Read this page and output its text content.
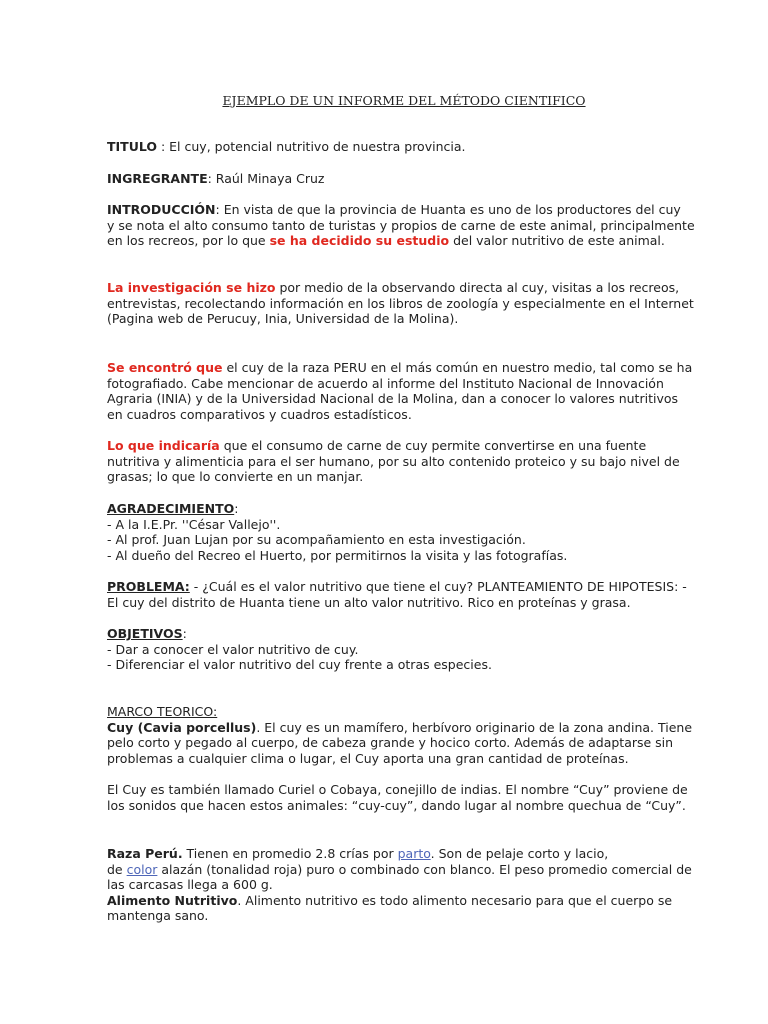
EJEMPLO DE UN INFORME DEL MÉTODO CIENTIFICO

TITULO : El cuy, potencial nutritivo de nuestra provincia.

INGREGRANTE: Raúl Minaya Cruz

INTRODUCCIÓN: En vista de que la provincia de Huanta es uno de los productores del cuy

y se nota el alto consumo tanto de turistas y propios de carne de este animal, principalmente

en los recreos, por lo que se ha decidido su estudio del valor nutritivo de este animal.

La investigación se hizo por medio de la observando directa al cuy, visitas a los recreos,

entrevistas, recolectando información en los libros de zoología y especialmente en el Internet

(Pagina web de Perucuy, Inia, Universidad de la Molina).

Se encontró que el cuy de la raza PERU en el más común en nuestro medio, tal como se ha

fotografiado. Cabe mencionar de acuerdo al informe del Instituto Nacional de Innovación

Agraria (INIA) y de la Universidad Nacional de la Molina, dan a conocer lo valores nutritivos

en cuadros comparativos y cuadros estadísticos.

Lo que indicaría que el consumo de carne de cuy permite convertirse en una fuente

nutritiva y alimenticia para el ser humano, por su alto contenido proteico y su bajo nivel de

grasas; lo que lo convierte en un manjar.

AGRADECIMIENTO:

- A la I.E.Pr. ''César Vallejo''.

- Al prof. Juan Lujan por su acompañamiento en esta investigación.

- Al dueño del Recreo el Huerto, por permitirnos la visita y las fotografías.

PROBLEMA: - ¿Cuál es el valor nutritivo que tiene el cuy? PLANTEAMIENTO DE HIPOTESIS: -

El cuy del distrito de Huanta tiene un alto valor nutritivo. Rico en proteínas y grasa.

OBJETIVOS:

- Dar a conocer el valor nutritivo de cuy.

- Diferenciar el valor nutritivo del cuy frente a otras especies.

MARCO TEORICO:

Cuy (Cavia porcellus). El cuy es un mamífero, herbívoro originario de la zona andina. Tiene

pelo corto y pegado al cuerpo, de cabeza grande y hocico corto. Además de adaptarse sin

problemas a cualquier clima o lugar, el Cuy aporta una gran cantidad de proteínas.

El Cuy es también llamado Curiel o Cobaya, conejillo de indias. El nombre “Cuy” proviene de

los sonidos que hacen estos animales: “cuy-cuy”, dando lugar al nombre quechua de “Cuy”.

Raza Perú. Tienen en promedio 2.8 crías por parto. Son de pelaje corto y lacio,

de color alazán (tonalidad roja) puro o combinado con blanco. El peso promedio comercial de

las carcasas llega a 600 g.

Alimento Nutritivo. Alimento nutritivo es todo alimento necesario para que el cuerpo se

mantenga sano.
